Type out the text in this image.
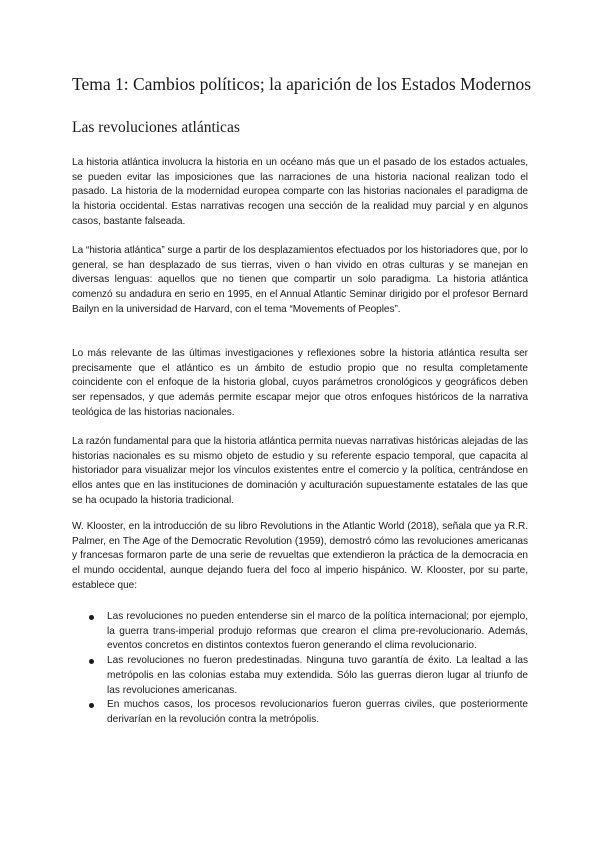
Tema 1: Cambios políticos; la aparición de los Estados Modernos
Las revoluciones atlánticas

La historia atlántica involucra la historia en un océano más que un el pasado de los estados actuales, se pueden evitar las imposiciones que las narraciones de una historia nacional realizan todo el pasado. La historia de la modernidad europea comparte con las historias nacionales el paradigma de la historia occidental. Estas narrativas recogen una sección de la realidad muy parcial y en algunos casos, bastante falseada.

La “historia atlántica” surge a partir de los desplazamientos efectuados por los historiadores que, por lo general, se han desplazado de sus tierras, viven o han vivido en otras culturas y se manejan en diversas lenguas: aquellos que no tienen que compartir un solo paradigma. La historia atlántica comenzó su andadura en serio en 1995, en el Annual Atlantic Seminar dirigido por el profesor Bernard Bailyn en la universidad de Harvard, con el tema “Movements of Peoples”.

Lo más relevante de las últimas investigaciones y reflexiones sobre la historia atlántica resulta ser precisamente que el atlántico es un ámbito de estudio propio que no resulta completamente coincidente con el enfoque de la historia global, cuyos parámetros cronológicos y geográficos deben ser repensados, y que además permite escapar mejor que otros enfoques históricos de la narrativa teológica de las historias nacionales.

La razón fundamental para que la historia atlántica permita nuevas narrativas históricas alejadas de las historias nacionales es su mismo objeto de estudio y su referente espacio temporal, que capacita al historiador para visualizar mejor los vínculos existentes entre el comercio y la política, centrándose en ellos antes que en las instituciones de dominación y aculturación supuestamente estatales de las que se ha ocupado la historia tradicional.

W. Klooster, en la introducción de su libro Revolutions in the Atlantic World (2018), señala que ya R.R. Palmer, en The Age of the Democratic Revolution (1959), demostró cómo las revoluciones americanas y francesas formaron parte de una serie de revueltas que extendieron la práctica de la democracia en el mundo occidental, aunque dejando fuera del foco al imperio hispánico. W. Klooster, por su parte, establece que:

Las revoluciones no pueden entenderse sin el marco de la política internacional; por ejemplo, la guerra trans-imperial produjo reformas que crearon el clima pre-revolucionario. Además, eventos concretos en distintos contextos fueron generando el clima revolucionario.
Las revoluciones no fueron predestinadas. Ninguna tuvo garantía de éxito. La lealtad a las metrópolis en las colonias estaba muy extendida. Sólo las guerras dieron lugar al triunfo de las revoluciones americanas.
En muchos casos, los procesos revolucionarios fueron guerras civiles, que posteriormente derivarían en la revolución contra la metrópolis.
